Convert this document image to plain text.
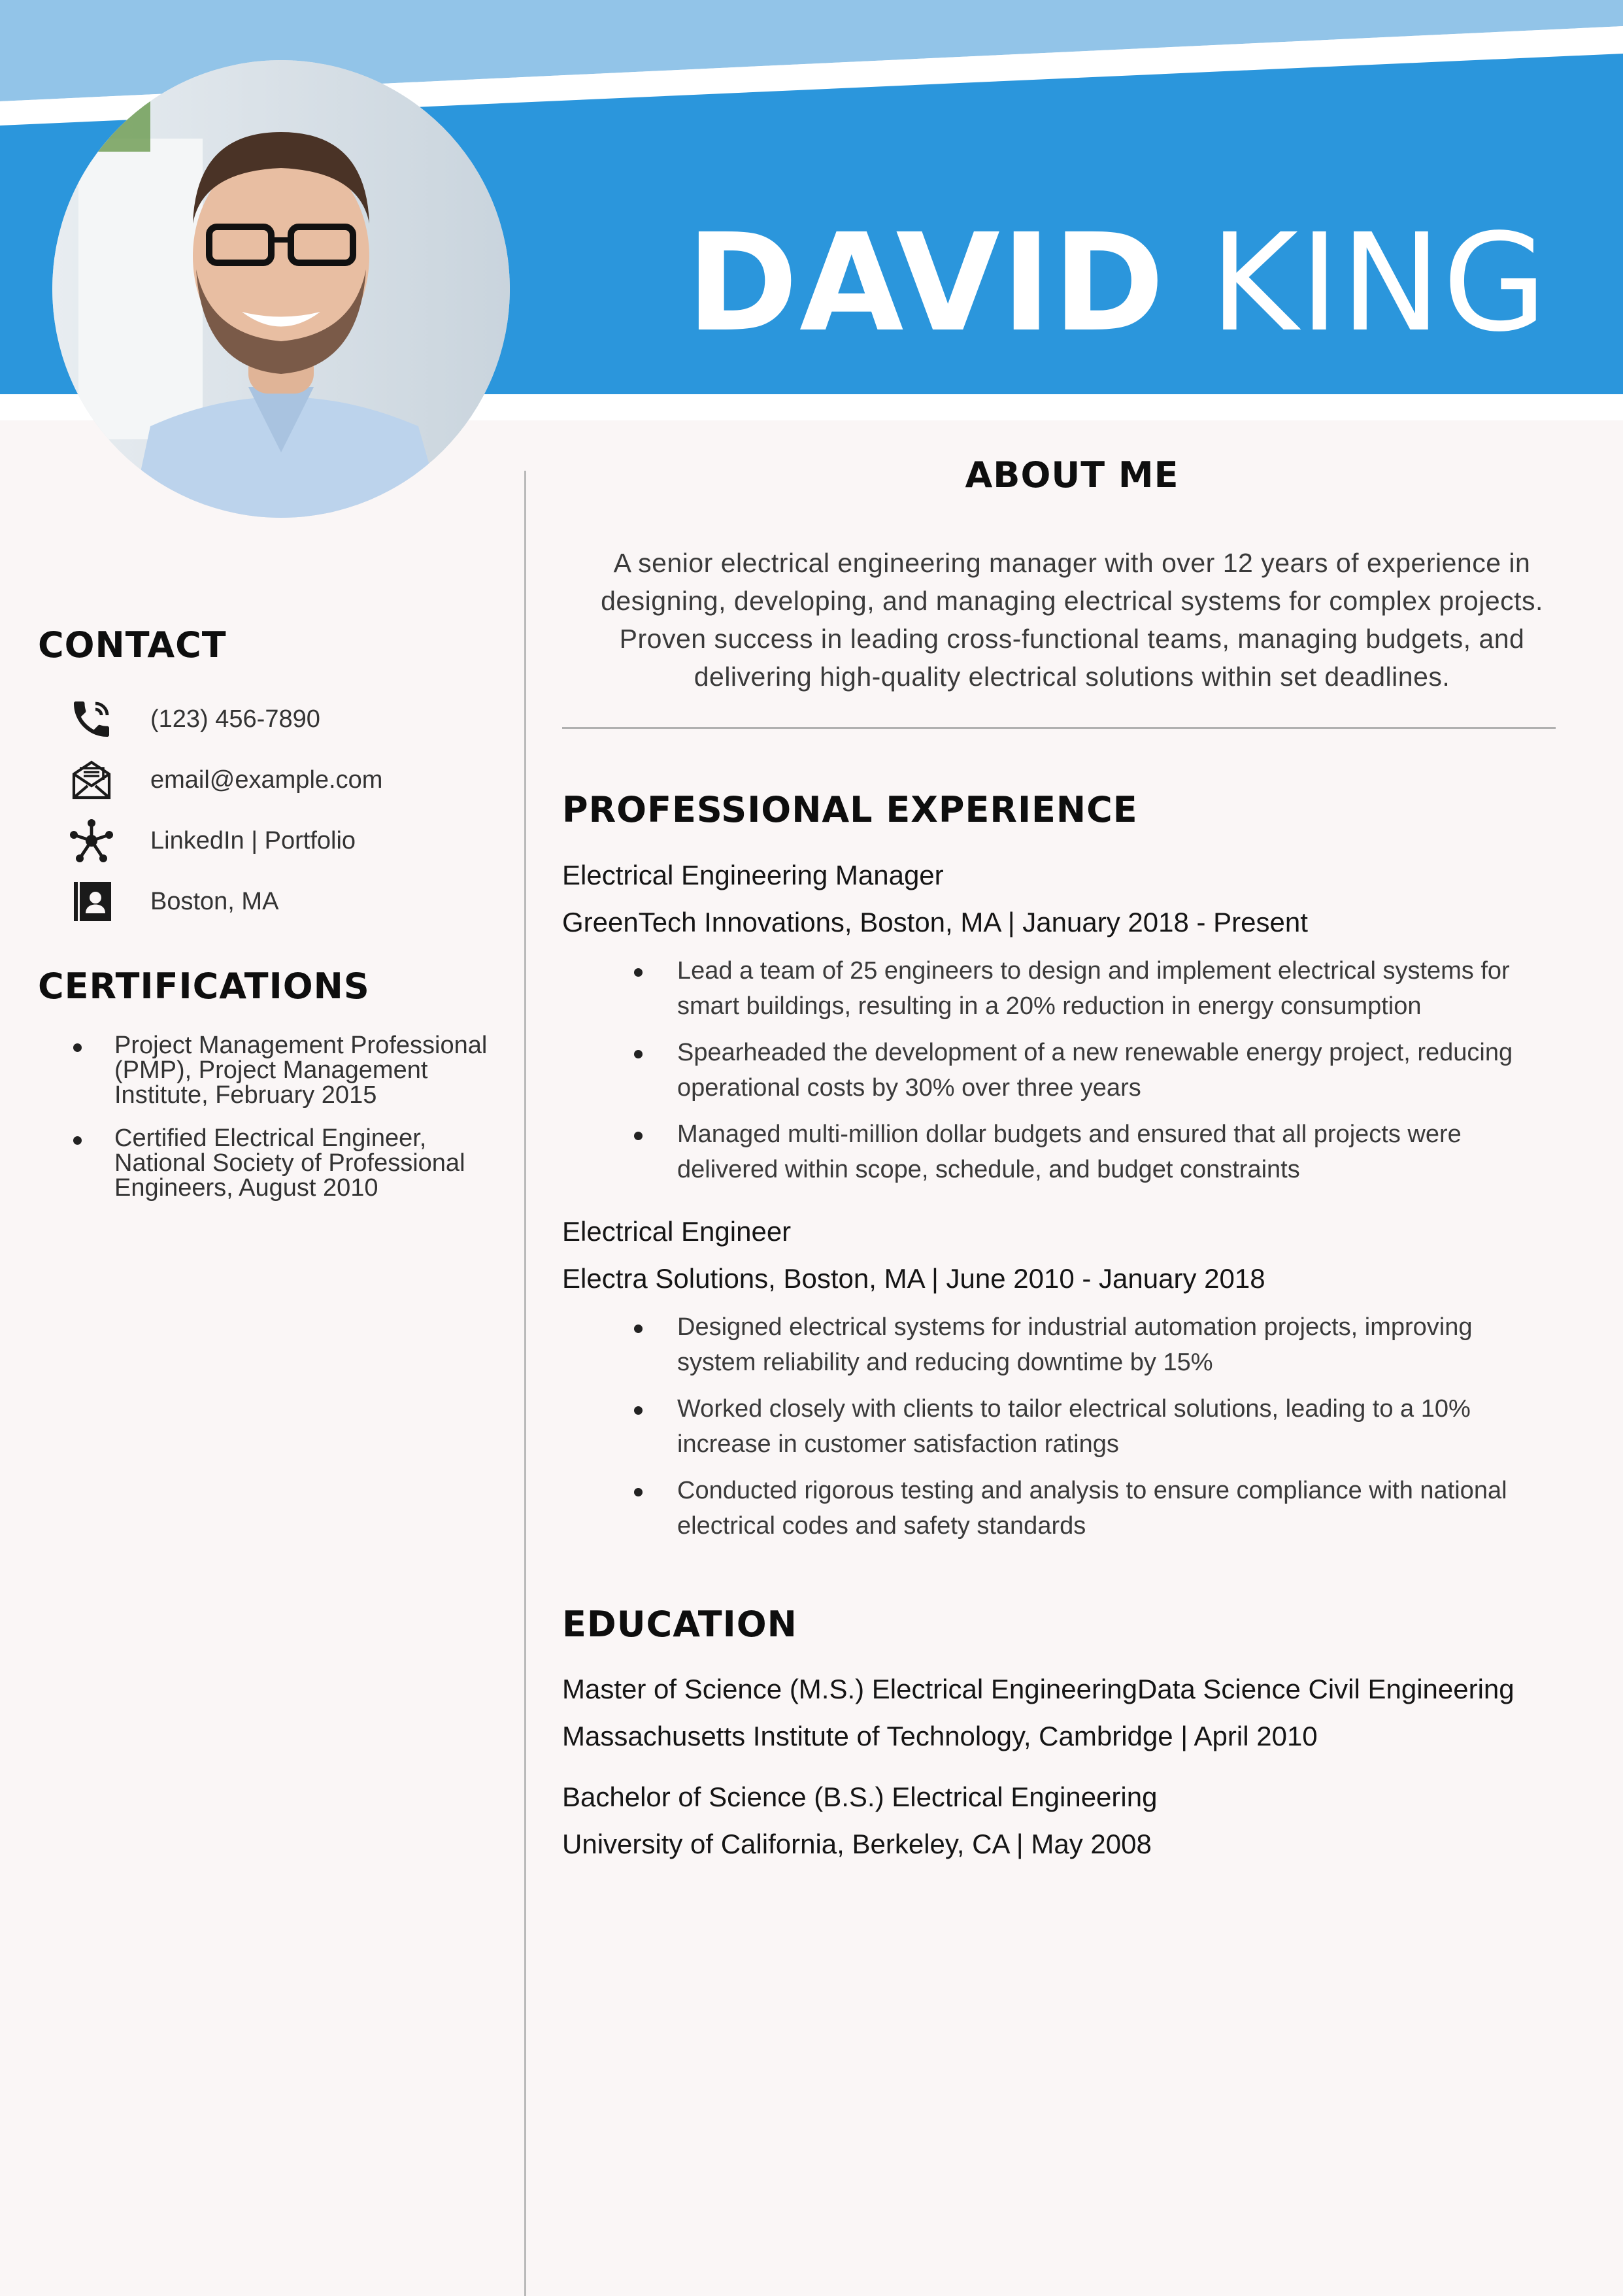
DAVID KING
CONTACT
(123) 456-7890
email@example.com
LinkedIn | Portfolio
Boston, MA
CERTIFICATIONS
Project Management Professional (PMP), Project Management Institute, February 2015
Certified Electrical Engineer, National Society of Professional Engineers, August 2010
ABOUT ME
A senior electrical engineering manager with over 12 years of experience in designing, developing, and managing electrical systems for complex projects. Proven success in leading cross-functional teams, managing budgets, and delivering high-quality electrical solutions within set deadlines.
PROFESSIONAL EXPERIENCE
Electrical Engineering Manager
GreenTech Innovations, Boston, MA | January 2018 - Present
Lead a team of 25 engineers to design and implement electrical systems for smart buildings, resulting in a 20% reduction in energy consumption
Spearheaded the development of a new renewable energy project, reducing operational costs by 30% over three years
Managed multi-million dollar budgets and ensured that all projects were delivered within scope, schedule, and budget constraints
Electrical Engineer
Electra Solutions, Boston, MA | June 2010 - January 2018
Designed electrical systems for industrial automation projects, improving system reliability and reducing downtime by 15%
Worked closely with clients to tailor electrical solutions, leading to a 10% increase in customer satisfaction ratings
Conducted rigorous testing and analysis to ensure compliance with national electrical codes and safety standards
EDUCATION
Master of Science (M.S.) Electrical EngineeringData Science Civil Engineering
Massachusetts Institute of Technology, Cambridge | April 2010
Bachelor of Science (B.S.) Electrical Engineering
University of California, Berkeley, CA | May 2008
